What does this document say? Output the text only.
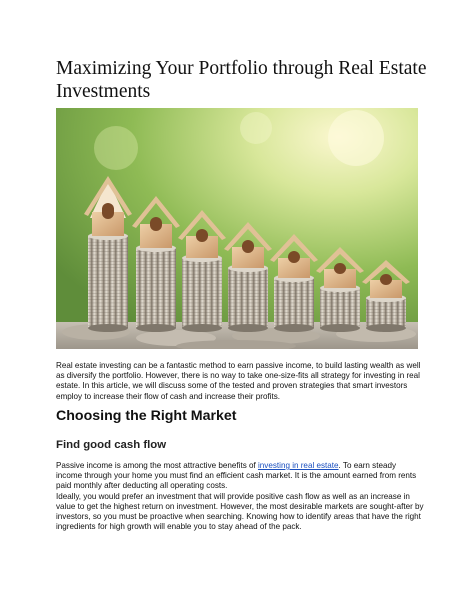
Maximizing Your Portfolio through Real Estate Investments

Real estate investing can be a fantastic method to earn passive income, to build lasting wealth as well as diversify the portfolio. However, there is no way to take one-size-fits all strategy for investing in real estate. In this article, we will discuss some of the tested and proven strategies that smart investors employ to increase their flow of cash and increase their profits.

Choosing the Right Market
Find good cash flow
Passive income is among the most attractive benefits of investing in real estate. To earn steady income through your home you must find an efficient cash market. It is the amount earned from rents paid monthly after deducting all operating costs.
Ideally, you would prefer an investment that will provide positive cash flow as well as an increase in value to get the highest return on investment. However, the most desirable markets are sought-after by investors, so you must be proactive when searching. Knowing how to identify areas that have the right ingredients for high growth will enable you to stay ahead of the pack.
